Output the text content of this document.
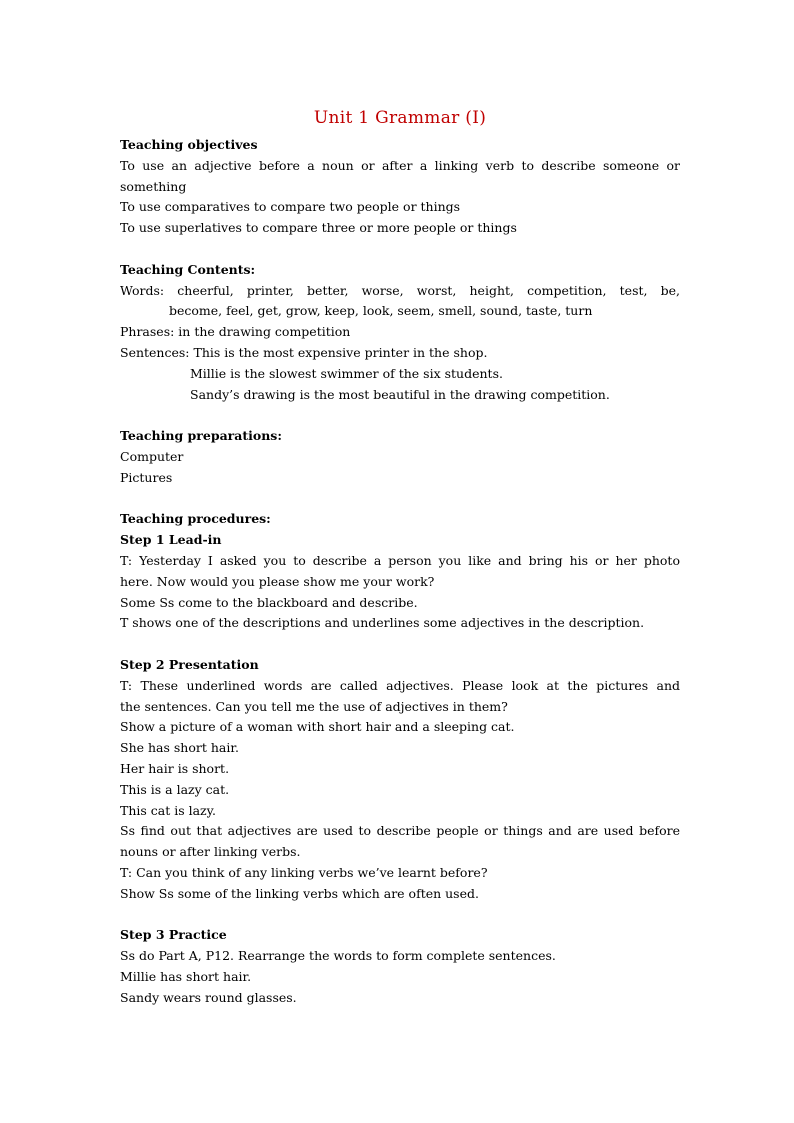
Unit 1 Grammar (Ⅰ)
Teaching objectives
To use an adjective before a noun or after a linking verb to describe someone or
something
To use comparatives to compare two people or things
To use superlatives to compare three or more people or things
Teaching Contents:
Words: cheerful, printer, better, worse, worst, height, competition, test, be,
become, feel, get, grow, keep, look, seem, smell, sound, taste, turn
Phrases: in the drawing competition
Sentences: This is the most expensive printer in the shop.
Millie is the slowest swimmer of the six students.
Sandy’s drawing is the most beautiful in the drawing competition.
Teaching preparations:
Computer
Pictures
Teaching procedures:
Step 1 Lead-in
T: Yesterday I asked you to describe a person you like and bring his or her photo
here. Now would you please show me your work?
Some Ss come to the blackboard and describe.
T shows one of the descriptions and underlines some adjectives in the description.
Step 2 Presentation
T: These underlined words are called adjectives. Please look at the pictures and
the sentences. Can you tell me the use of adjectives in them?
Show a picture of a woman with short hair and a sleeping cat.
She has short hair.
Her hair is short.
This is a lazy cat.
This cat is lazy.
Ss find out that adjectives are used to describe people or things and are used before
nouns or after linking verbs.
T: Can you think of any linking verbs we’ve learnt before?
Show Ss some of the linking verbs which are often used.
Step 3 Practice
Ss do Part A, P12. Rearrange the words to form complete sentences.
Millie has short hair.
Sandy wears round glasses.
